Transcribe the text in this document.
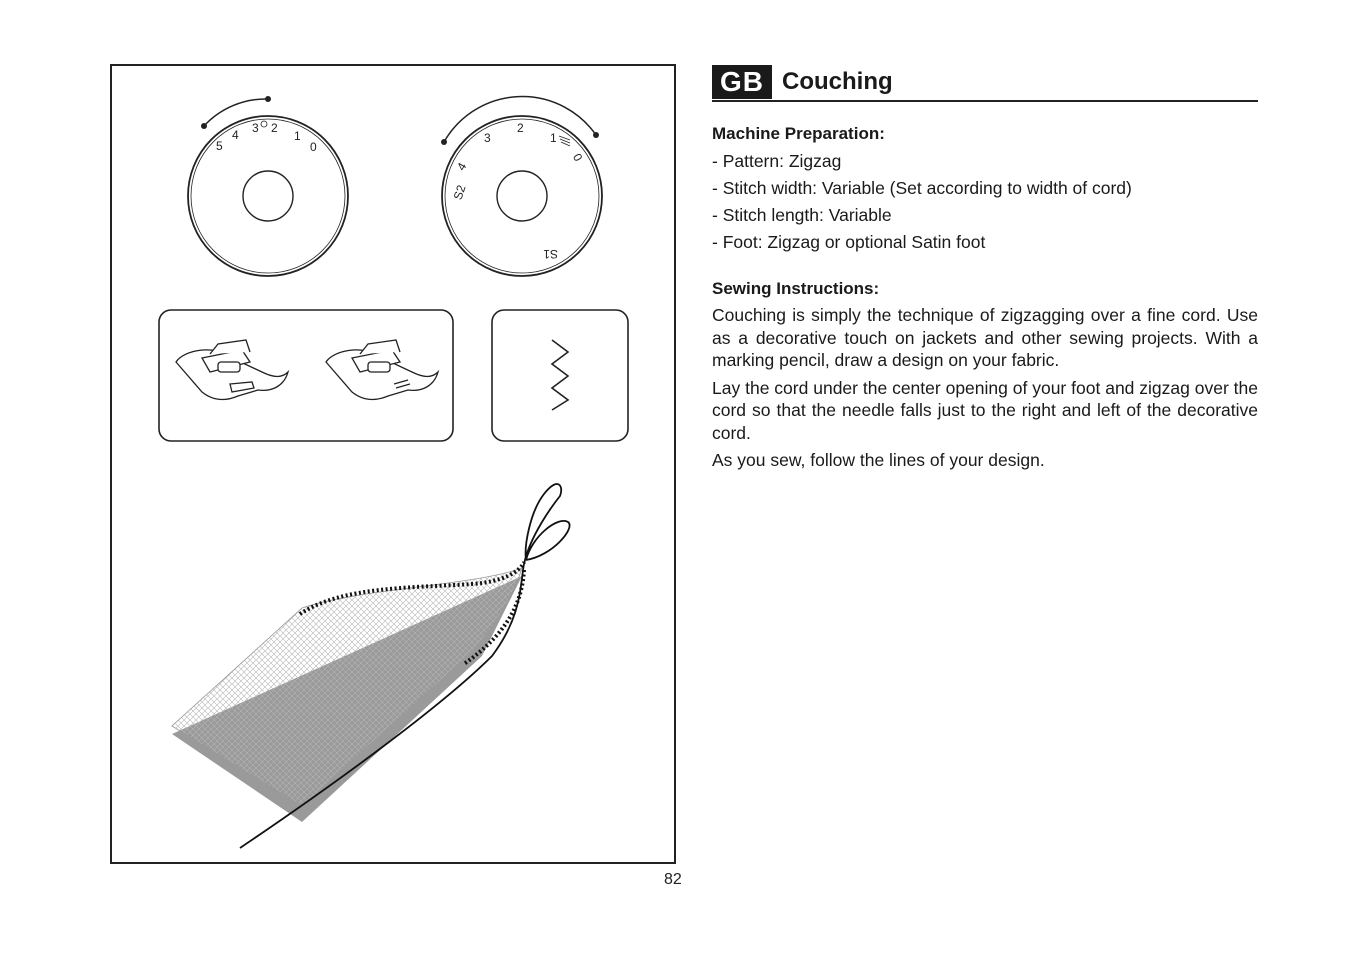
5
4 3 2
1
0
S2
4
3
2
1
0
S1
82
GB Couching

Machine Preparation:

- Pattern: Zigzag
- Stitch width: Variable (Set according to width of cord)
- Stitch length: Variable
- Foot: Zigzag or optional Satin foot

Sewing Instructions:

Couching is simply the technique of zigzagging over a fine cord. Use as a decorative touch on jackets and other sewing projects. With a marking pencil, draw a design on your fabric.

Lay the cord under the center opening of your foot and zigzag over the cord so that the needle falls just to the right and left of the decorative cord.

As you sew, follow the lines of your design.
